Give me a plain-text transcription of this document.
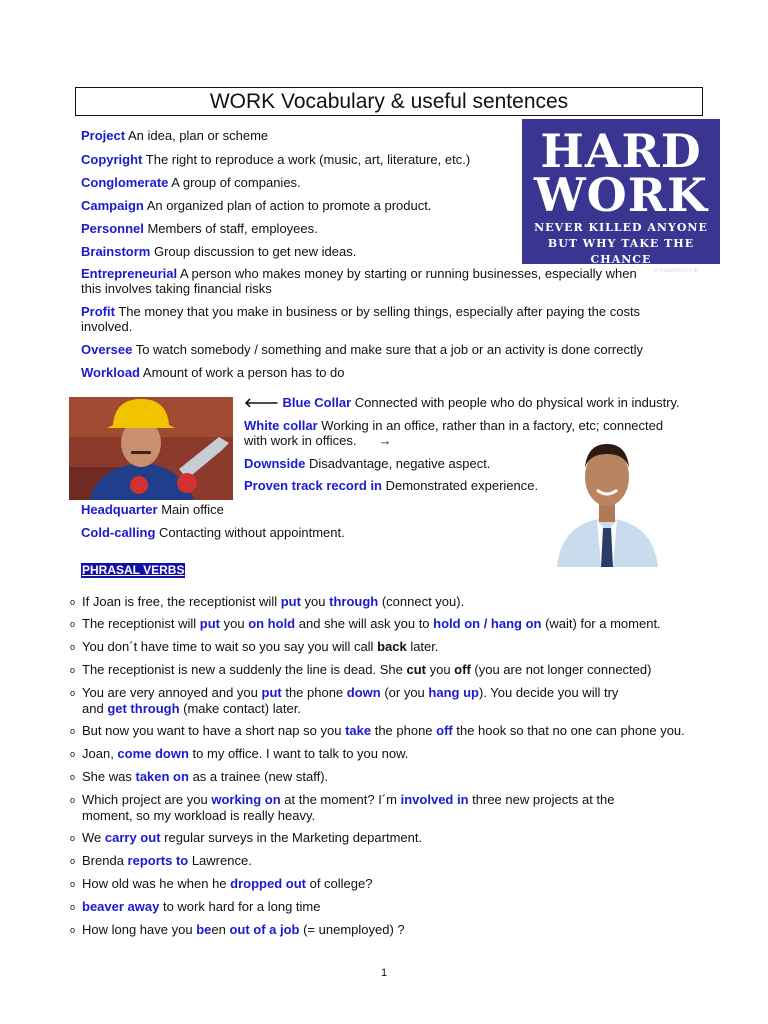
WORK Vocabulary & useful sentences
HARD
WORK
NEVER KILLED ANYONE
BUT WHY TAKE THE CHANCE
©T-SHIRT.CO.UK
Project An idea, plan or scheme
Copyright The right to reproduce a work (music, art, literature, etc.)
Conglomerate A group of companies.
Campaign An organized plan of action to promote a product.
Personnel Members of staff, employees.
Brainstorm Group discussion to get new ideas.
Entrepreneurial A person who makes money by starting or running businesses, especially when
this involves taking financial risks
Profit The money that you make in business or by selling things, especially after paying the costs
involved.
Oversee To watch somebody / something and make sure that a job or an activity is done correctly
Workload Amount of work a person has to do
🡐 Blue Collar Connected with people who do physical work in industry.
White collar Working in an office, rather than in a factory, etc; connected
with work in offices. →
Downside Disadvantage, negative aspect.
Proven track record in Demonstrated experience.
Headquarter Main office
Cold-calling Contacting without appointment.
PHRASAL VERBS
o If Joan is free, the receptionist will put you through (connect you).
o The receptionist will put you on hold and she will ask you to hold on / hang on (wait) for a moment.
o You don´t have time to wait so you say you will call back later.
o The receptionist is new a suddenly the line is dead. She cut you off (you are not longer connected)
o You are very annoyed and you put the phone down (or you hang up). You decide you will try
and get through (make contact) later.
o But now you want to have a short nap so you take the phone off the hook so that no one can phone you.
o Joan, come down to my office. I want to talk to you now.
o She was taken on as a trainee (new staff).
o Which project are you working on at the moment? I´m involved in three new projects at the
moment, so my workload is really heavy.
o We carry out regular surveys in the Marketing department.
o Brenda reports to Lawrence.
o How old was he when he dropped out of college?
o beaver away to work hard for a long time
o How long have you been out of a job (= unemployed) ?
1
